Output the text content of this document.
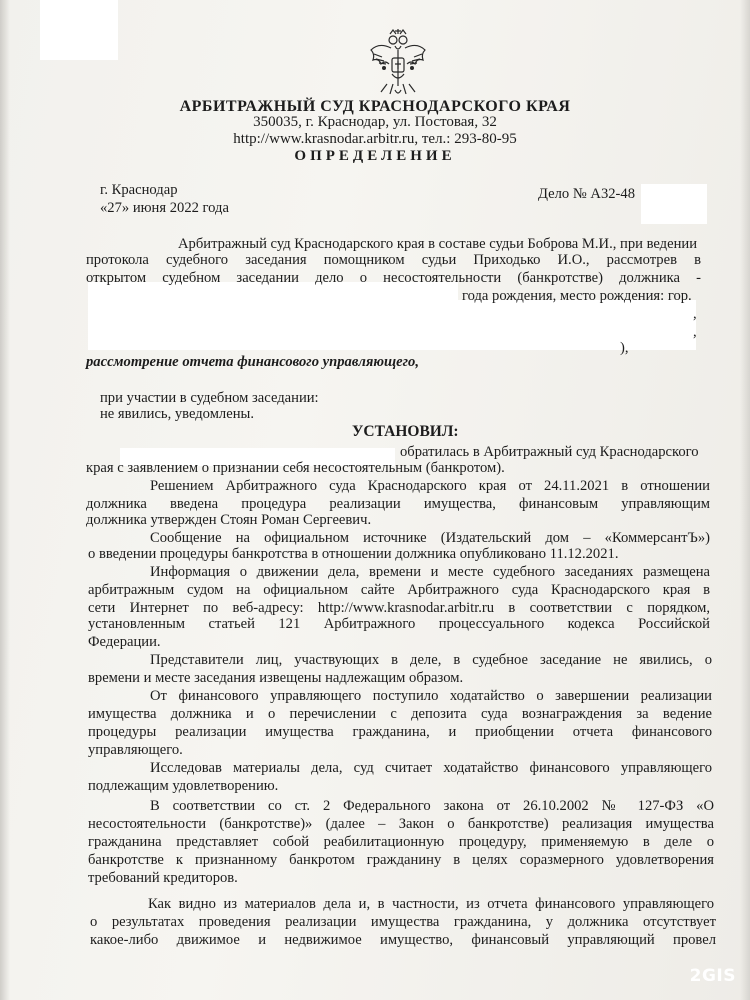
АРБИТРАЖНЫЙ СУД КРАСНОДАРСКОГО КРАЯ
350035, г. Краснодар, ул. Постовая, 32
http://www.krasnodar.arbitr.ru, тел.: 293-80-95
ОПРЕДЕЛЕНИЕ
г. Краснодар
«27» июня 2022 года
Дело № А32-48
Арбитражный суд Краснодарского края в составе судьи Боброва М.И., при ведении
протокола судебного заседания помощником судьи Приходько И.О., рассмотрев в
открытом судебном заседании дело о несостоятельности (банкротстве) должника -
года рождения, место рождения: гор.
,
,
),
рассмотрение отчета финансового управляющего,
при участии в судебном заседании:
не явились, уведомлены.
УСТАНОВИЛ:
обратилась в Арбитражный суд Краснодарского
края с заявлением о признании себя несостоятельным (банкротом).
Решением Арбитражного суда Краснодарского края от 24.11.2021 в отношении
должника введена процедура реализации имущества, финансовым управляющим
должника утвержден Стоян Роман Сергеевич.
Сообщение на официальном источнике (Издательский дом – «КоммерсантЪ»)
о введении процедуры банкротства в отношении должника опубликовано 11.12.2021.
Информация о движении дела, времени и месте судебного заседаниях размещена
арбитражным судом на официальном сайте Арбитражного суда Краснодарского края в
сети Интернет по веб-адресу: http://www.krasnodar.arbitr.ru в соответствии с порядком,
установленным статьей 121 Арбитражного процессуального кодекса Российской
Федерации.
Представители лиц, участвующих в деле, в судебное заседание не явились, о
времени и месте заседания извещены надлежащим образом.
От финансового управляющего поступило ходатайство о завершении реализации
имущества должника и о перечислении с депозита суда вознаграждения за ведение
процедуры реализации имущества гражданина, и приобщении отчета финансового
управляющего.
Исследовав материалы дела, суд считает ходатайство финансового управляющего
подлежащим удовлетворению.
В соответствии со ст. 2 Федерального закона от 26.10.2002 № 127-ФЗ «О
несостоятельности (банкротстве)» (далее – Закон о банкротстве) реализация имущества
гражданина представляет собой реабилитационную процедуру, применяемую в деле о
банкротстве к признанному банкротом гражданину в целях соразмерного удовлетворения
требований кредиторов.
Как видно из материалов дела и, в частности, из отчета финансового управляющего
о результатах проведения реализации имущества гражданина, у должника отсутствует
какое-либо движимое и недвижимое имущество, финансовый управляющий провел
2GIS
